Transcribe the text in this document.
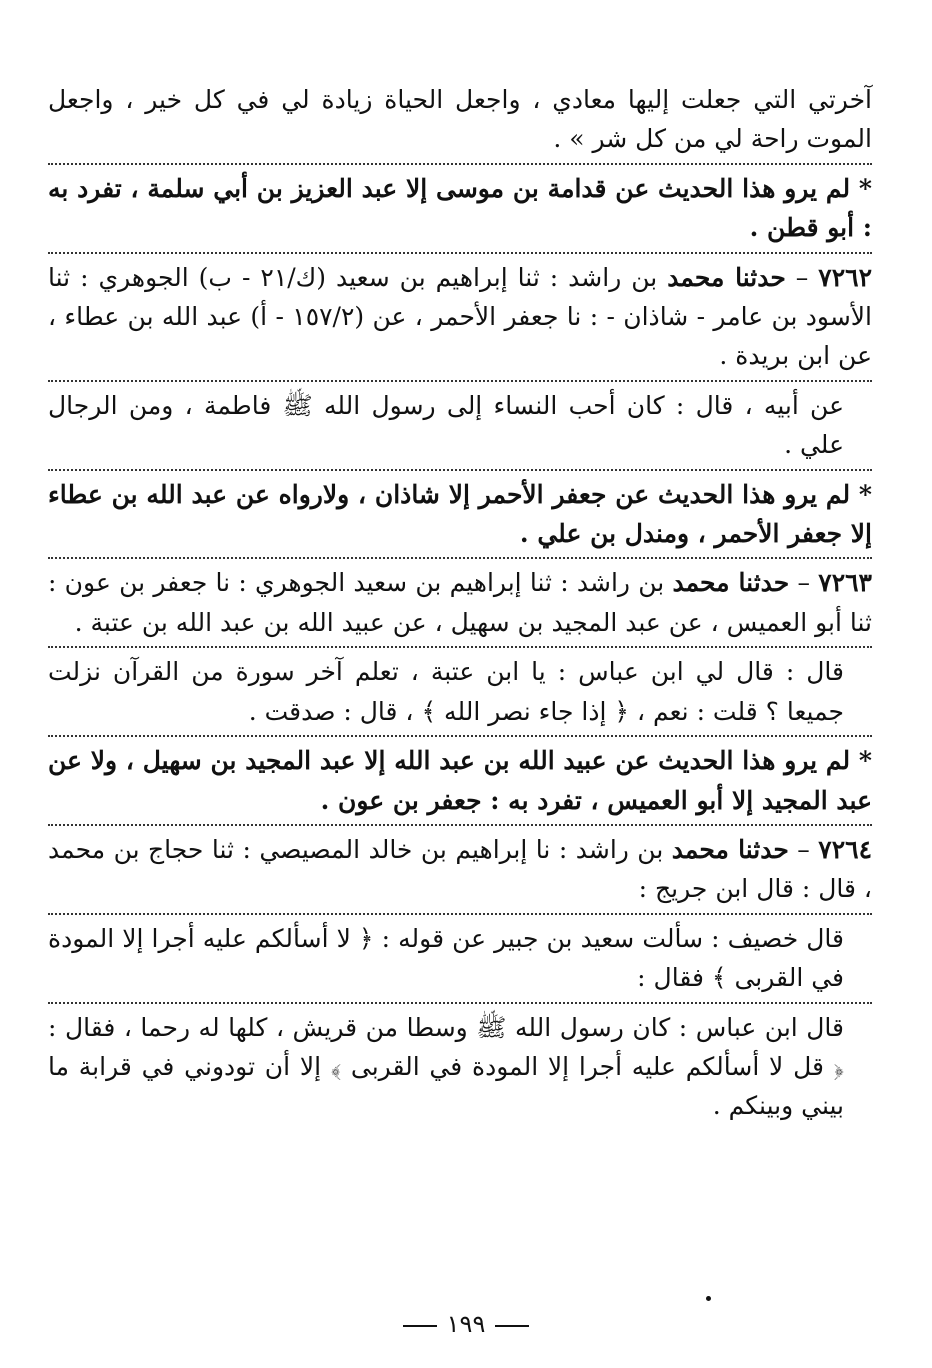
آخرتي التي جعلت إليها معادي ، واجعل الحياة زيادة لي في كل خير ، واجعل الموت راحة لي من كل شر » .

* لم يرو هذا الحديث عن قدامة بن موسى إلا عبد العزيز بن أبي سلمة ، تفرد به : أبو قطن .

٧٢٦٢ – حدثنا محمد بن راشد : ثنا إبراهيم بن سعيد (ك/٢١ - ب) الجوهري : ثنا الأسود بن عامر - شاذان - : نا جعفر الأحمر ، عن (١٥٧/٢ - أ) عبد الله بن عطاء ، عن ابن بريدة .

عن أبيه ، قال : كان أحب النساء إلى رسول الله ﷺ فاطمة ، ومن الرجال علي .

* لم يرو هذا الحديث عن جعفر الأحمر إلا شاذان ، ولارواه عن عبد الله بن عطاء إلا جعفر الأحمر ، ومندل بن علي .

٧٢٦٣ – حدثنا محمد بن راشد : ثنا إبراهيم بن سعيد الجوهري : نا جعفر بن عون : ثنا أبو العميس ، عن عبد المجيد بن سهيل ، عن عبيد الله بن عبد الله بن عتبة .

قال : قال لي ابن عباس : يا ابن عتبة ، تعلم آخر سورة من القرآن نزلت جميعا ؟ قلت : نعم ، ﴿ إذا جاء نصر الله ﴾ ، قال : صدقت .

* لم يرو هذا الحديث عن عبيد الله بن عبد الله إلا عبد المجيد بن سهيل ، ولا عن عبد المجيد إلا أبو العميس ، تفرد به : جعفر بن عون .

٧٢٦٤ – حدثنا محمد بن راشد : نا إبراهيم بن خالد المصيصي : ثنا حجاج بن محمد ، قال : قال ابن جريج :

قال خصيف : سألت سعيد بن جبير عن قوله : ﴿ لا أسألكم عليه أجرا إلا المودة في القربى ﴾ فقال :

قال ابن عباس : كان رسول الله ﷺ وسطا من قريش ، كلها له رحما ، فقال : ﴿ قل لا أسألكم عليه أجرا إلا المودة في القربى ﴾ إلا أن تودوني في قرابة ما بيني وبينكم .

١٩٩
